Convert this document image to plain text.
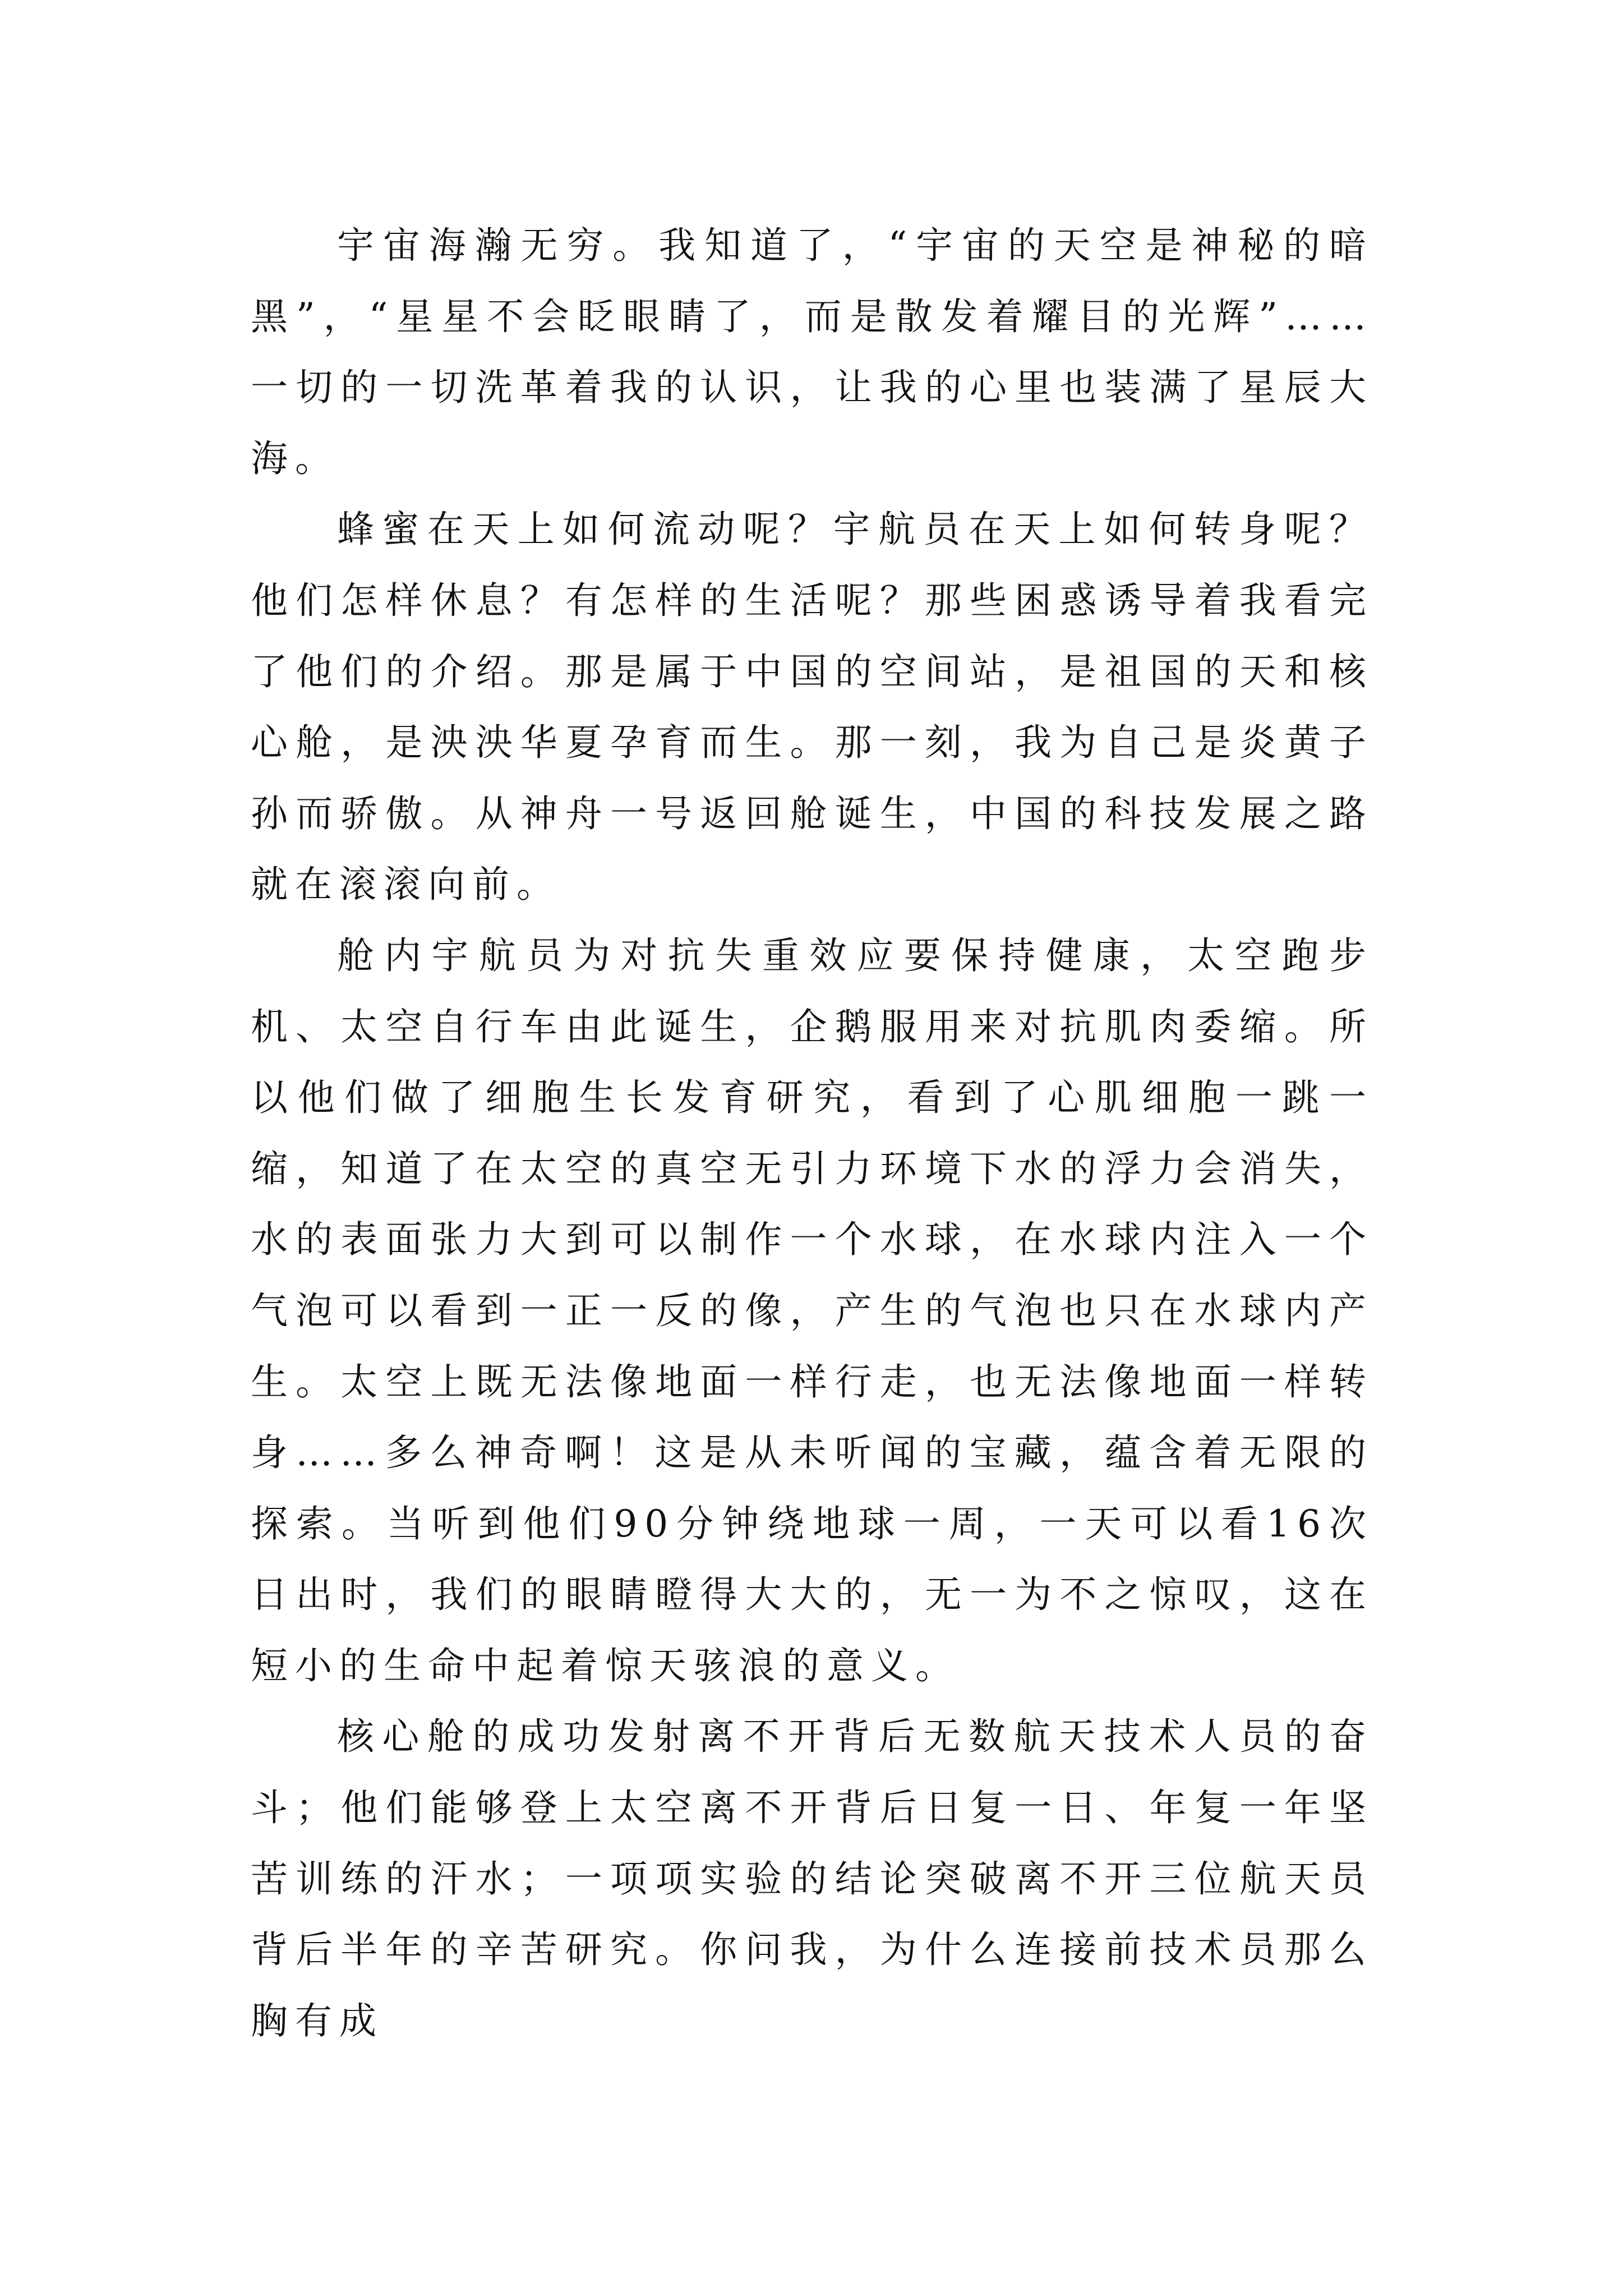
宇宙海瀚无穷。我知道了，“宇宙的天空是神秘的暗黑”，“星星不会眨眼睛了，而是散发着耀目的光辉”……一切的一切洗革着我的认识，让我的心里也装满了星辰大海。

蜂蜜在天上如何流动呢？宇航员在天上如何转身呢？他们怎样休息？有怎样的生活呢？那些困惑诱导着我看完了他们的介绍。那是属于中国的空间站，是祖国的天和核心舱，是泱泱华夏孕育而生。那一刻，我为自己是炎黄子孙而骄傲。从神舟一号返回舱诞生，中国的科技发展之路就在滚滚向前。

舱内宇航员为对抗失重效应要保持健康，太空跑步机、太空自行车由此诞生，企鹅服用来对抗肌肉委缩。所以他们做了细胞生长发育研究，看到了心肌细胞一跳一缩，知道了在太空的真空无引力环境下水的浮力会消失，水的表面张力大到可以制作一个水球，在水球内注入一个气泡可以看到一正一反的像，产生的气泡也只在水球内产生。太空上既无法像地面一样行走，也无法像地面一样转身……多么神奇啊！这是从未听闻的宝藏，蕴含着无限的探索。当听到他们90分钟绕地球一周，一天可以看16次日出时，我们的眼睛瞪得大大的，无一为不之惊叹，这在短小的生命中起着惊天骇浪的意义。

核心舱的成功发射离不开背后无数航天技术人员的奋斗；他们能够登上太空离不开背后日复一日、年复一年坚苦训练的汗水；一项项实验的结论突破离不开三位航天员背后半年的辛苦研究。你问我，为什么连接前技术员那么胸有成
